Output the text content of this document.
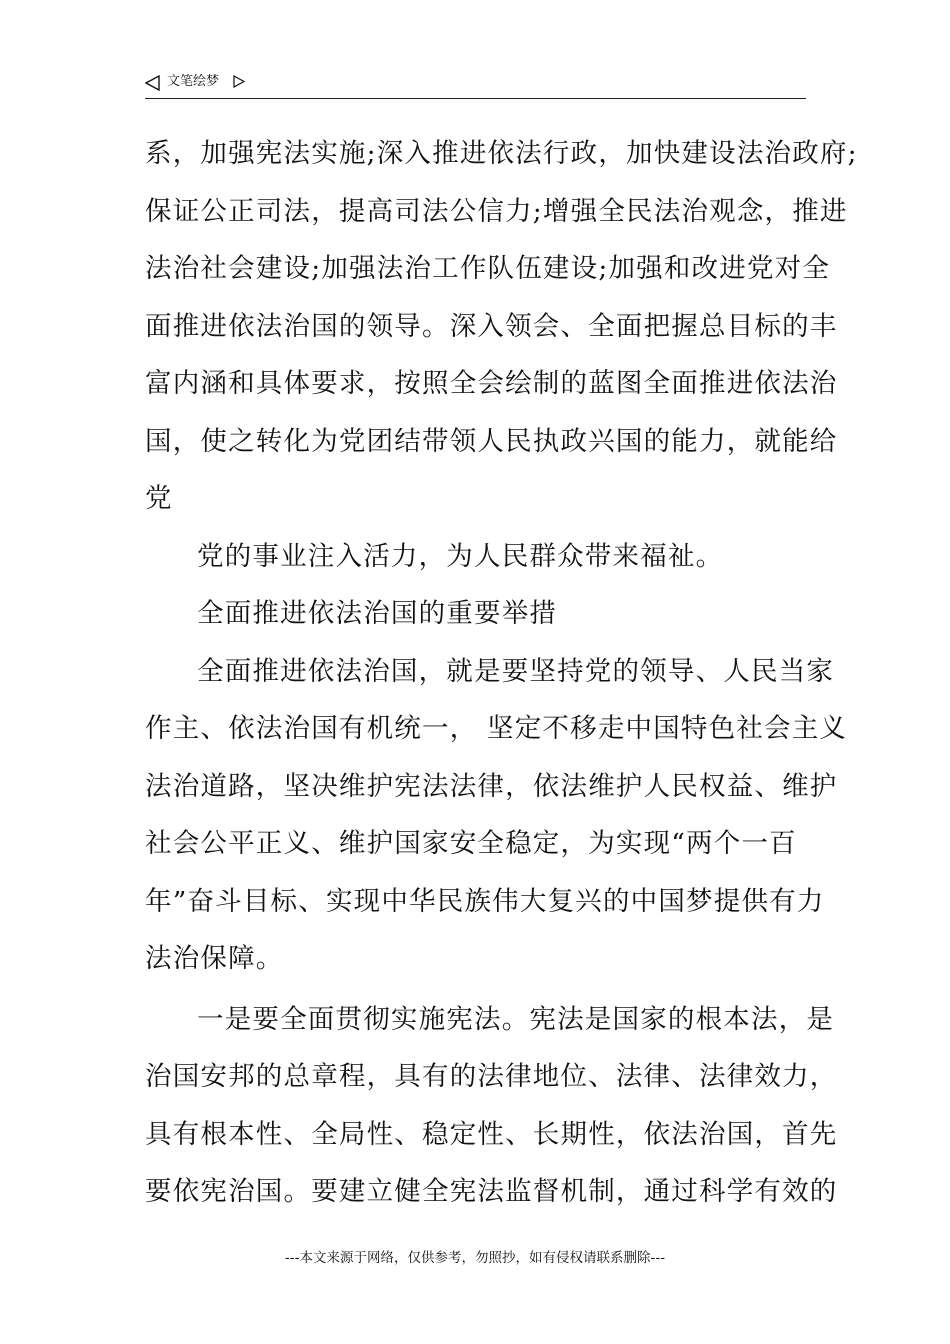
文笔绘梦

系，加强宪法实施;深入推进依法行政，加快建设法治政府;

保证公正司法，提高司法公信力;增强全民法治观念，推进

法治社会建设;加强法治工作队伍建设;加强和改进党对全

面推进依法治国的领导。深入领会、全面把握总目标的丰

富内涵和具体要求，按照全会绘制的蓝图全面推进依法治

国，使之转化为党团结带领人民执政兴国的能力，就能给

党

党的事业注入活力，为人民群众带来福祉。

全面推进依法治国的重要举措

全面推进依法治国，就是要坚持党的领导、人民当家

作主、依法治国有机统一， 坚定不移走中国特色社会主义

法治道路，坚决维护宪法法律，依法维护人民权益、维护

社会公平正义、维护国家安全稳定，为实现“两个一百

年”奋斗目标、实现中华民族伟大复兴的中国梦提供有力

法治保障。

一是要全面贯彻实施宪法。宪法是国家的根本法，是

治国安邦的总章程，具有的法律地位、法律、法律效力，

具有根本性、全局性、稳定性、长期性，依法治国，首先

要依宪治国。要建立健全宪法监督机制，通过科学有效的

---本文来源于网络，仅供参考，勿照抄，如有侵权请联系删除---
